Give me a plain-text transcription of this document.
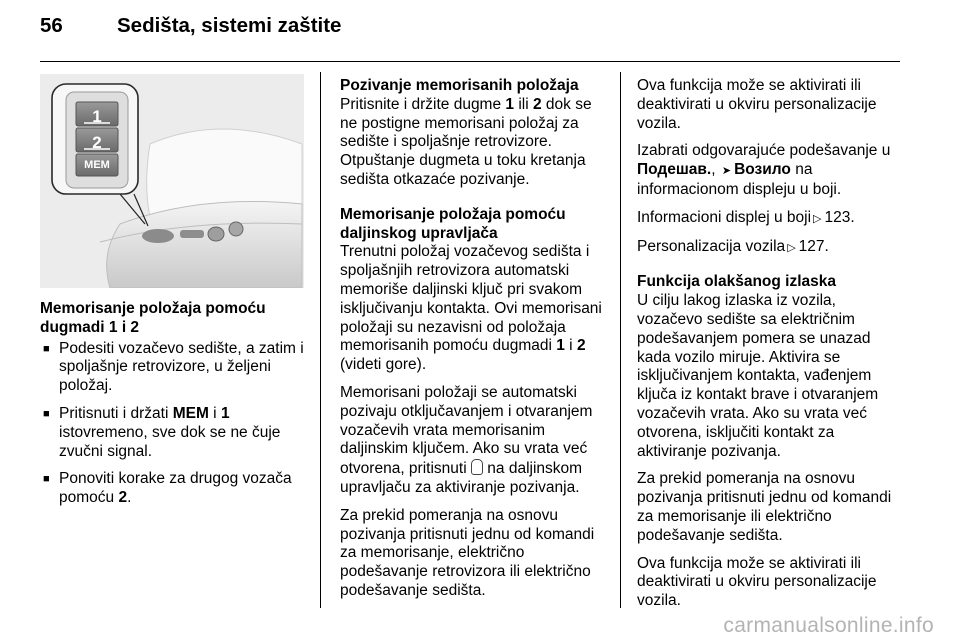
56	Sedišta, sistemi zaštite
1
2
MEM
Memorisanje položaja pomoću dugmadi 1 i 2
■ Podesiti vozačevo sedište, a zatim i spoljašnje retrovizore, u željeni položaj.
■ Pritisnuti i držati MEM i 1 istovremeno, sve dok se ne čuje zvučni signal.
■ Ponoviti korake za drugog vozača pomoću 2.
Pozivanje memorisanih položaja

Pritisnite i držite dugme 1 ili 2 dok se ne postigne memorisani položaj za sedište i spoljašnje retrovizore. Otpuštanje dugmeta u toku kretanja sedišta otkazaće pozivanje.

Memorisanje položaja pomoću daljinskog upravljača

Trenutni položaj vozačevog sedišta i spoljašnjih retrovizora automatski memoriše daljinski ključ pri svakom isključivanju kontakta. Ovi memorisani položaji su nezavisni od položaja memorisanih pomoću dugmadi 1 i 2 (videti gore).

Memorisani položaji se automatski pozivaju otključavanjem i otvaranjem vozačevih vrata memorisanim daljinskim ključem. Ako su vrata već otvorena, pritisnuti  na daljinskom upravljaču za aktiviranje pozivanja.

Za prekid pomeranja na osnovu pozivanja pritisnuti jednu od komandi za memorisanje, električno podešavanje retrovizora ili električno podešavanje sedišta.

Ova funkcija može se aktivirati ili deaktivirati u okviru personalizacije vozila.

Izabrati odgovarajuće podešavanje u Подешав., ➤ Возило na informacionom displeju u boji.

Informacioni displej u boji ▷ 123.

Personalizacija vozila ▷ 127.

Funkcija olakšanog izlaska

U cilju lakog izlaska iz vozila, vozačevo sedište sa električnim podešavanjem pomera se unazad kada vozilo miruje. Aktivira se isključivanjem kontakta, vađenjem ključa iz kontakt brave i otvaranjem vozačevih vrata. Ako su vrata već otvorena, isključiti kontakt za aktiviranje pozivanja.

Za prekid pomeranja na osnovu pozivanja pritisnuti jednu od komandi za memorisanje ili električno podešavanje sedišta.

Ova funkcija može se aktivirati ili deaktivirati u okviru personalizacije vozila.

carmanualsonline.info
